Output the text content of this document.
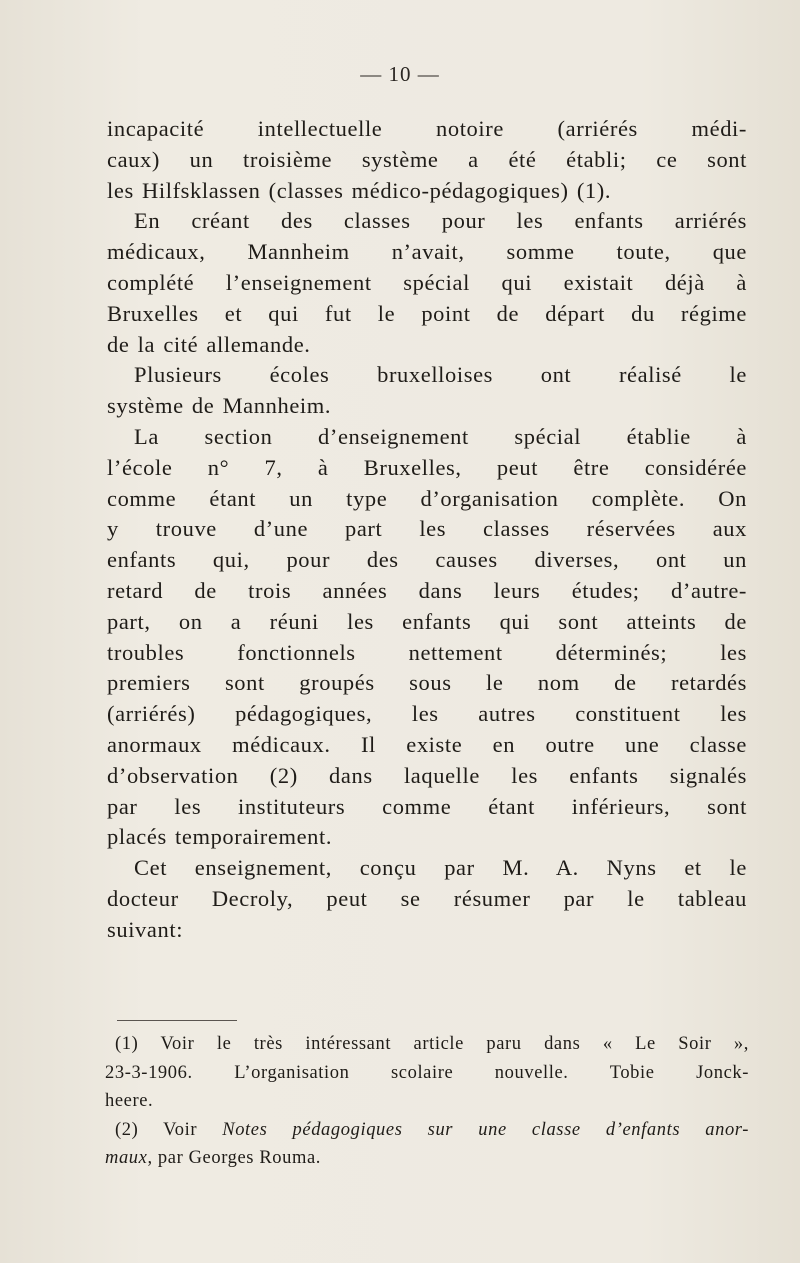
— 10 —
incapacité intellectuelle notoire (arriérés médi-
caux) un troisième système a été établi; ce sont
les Hilfsklassen (classes médico-pédagogiques) (1).
En créant des classes pour les enfants arriérés
médicaux, Mannheim n’avait, somme toute, que
complété l’enseignement spécial qui existait déjà à
Bruxelles et qui fut le point de départ du régime
de la cité allemande.
Plusieurs écoles bruxelloises ont réalisé le
système de Mannheim.
La section d’enseignement spécial établie à
l’école n° 7, à Bruxelles, peut être considérée
comme étant un type d’organisation complète. On
y trouve d’une part les classes réservées aux
enfants qui, pour des causes diverses, ont un
retard de trois années dans leurs études; d’autre-
part, on a réuni les enfants qui sont atteints de
troubles fonctionnels nettement déterminés; les
premiers sont groupés sous le nom de retardés
(arriérés) pédagogiques, les autres constituent les
anormaux médicaux. Il existe en outre une classe
d’observation (2) dans laquelle les enfants signalés
par les instituteurs comme étant inférieurs, sont
placés temporairement.
Cet enseignement, conçu par M. A. Nyns et le
docteur Decroly, peut se résumer par le tableau
suivant:
(1) Voir le très intéressant article paru dans « Le Soir »,
23-3-1906. L’organisation scolaire nouvelle. Tobie Jonck-
heere.
(2) Voir Notes pédagogiques sur une classe d’enfants anor-
maux, par Georges Rouma.
